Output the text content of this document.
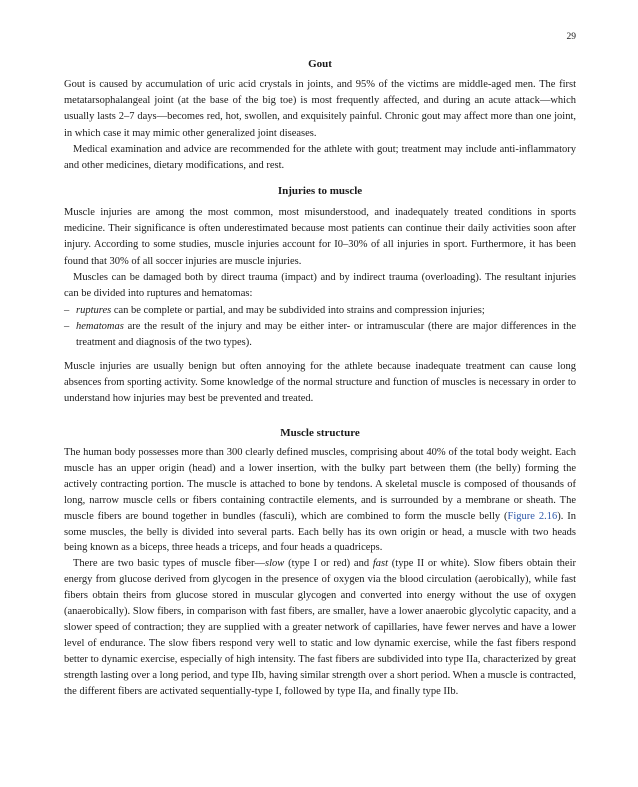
29
Gout

Gout is caused by accumulation of uric acid crystals in joints, and 95% of the victims are middle-aged men. The first metatarsophalangeal joint (at the base of the big toe) is most frequently affected, and during an acute attack—which usually lasts 2–7 days—becomes red, hot, swollen, and exquisitely painful. Chronic gout may affect more than one joint, in which case it may mimic other generalized joint diseases.

Medical examination and advice are recommended for the athlete with gout; treatment may include anti-inflammatory and other medicines, dietary modifications, and rest.

Injuries to muscle

Muscle injuries are among the most common, most misunderstood, and inadequately treated conditions in sports medicine. Their significance is often underestimated because most patients can continue their daily activities soon after injury. According to some studies, muscle injuries account for I0–30% of all injuries in sport. Furthermore, it has been found that 30% of all soccer injuries are muscle injuries.

Muscles can be damaged both by direct trauma (impact) and by indirect trauma (overloading). The resultant injuries can be divided into ruptures and hematomas:

– ruptures can be complete or partial, and may be subdivided into strains and compression injuries;
– hematomas are the result of the injury and may be either inter- or intramuscular (there are major differences in the treatment and diagnosis of the two types).

Muscle injuries are usually benign but often annoying for the athlete because inadequate treatment can cause long absences from sporting activity. Some knowledge of the normal structure and function of muscles is necessary in order to understand how injuries may best be prevented and treated.

Muscle structure

The human body possesses more than 300 clearly defined muscles, comprising about 40% of the total body weight. Each muscle has an upper origin (head) and a lower insertion, with the bulky part between them (the belly) forming the actively contracting portion. The muscle is attached to bone by tendons. A skeletal muscle is composed of thousands of long, narrow muscle cells or fibers containing contractile elements, and is surrounded by a membrane or sheath. The muscle fibers are bound together in bundles (fasculi), which are combined to form the muscle belly (Figure 2.16). In some muscles, the belly is divided into several parts. Each belly has its own origin or head, a muscle with two heads being known as a biceps, three heads a triceps, and four heads a quadriceps.

There are two basic types of muscle fiber—slow (type I or red) and fast (type II or white). Slow fibers obtain their energy from glucose derived from glycogen in the presence of oxygen via the blood circulation (aerobically), while fast fibers obtain theirs from glucose stored in muscular glycogen and converted into energy without the use of oxygen (anaerobically). Slow fibers, in comparison with fast fibers, are smaller, have a lower anaerobic glycolytic capacity, and a slower speed of contraction; they are supplied with a greater network of capillaries, have fewer nerves and have a lower level of endurance. The slow fibers respond very well to static and low dynamic exercise, while the fast fibers respond better to dynamic exercise, especially of high intensity. The fast fibers are subdivided into type IIa, characterized by great strength lasting over a long period, and type IIb, having similar strength over a short period. When a muscle is contracted, the different fibers are activated sequentially-type I, followed by type IIa, and finally type IIb.
